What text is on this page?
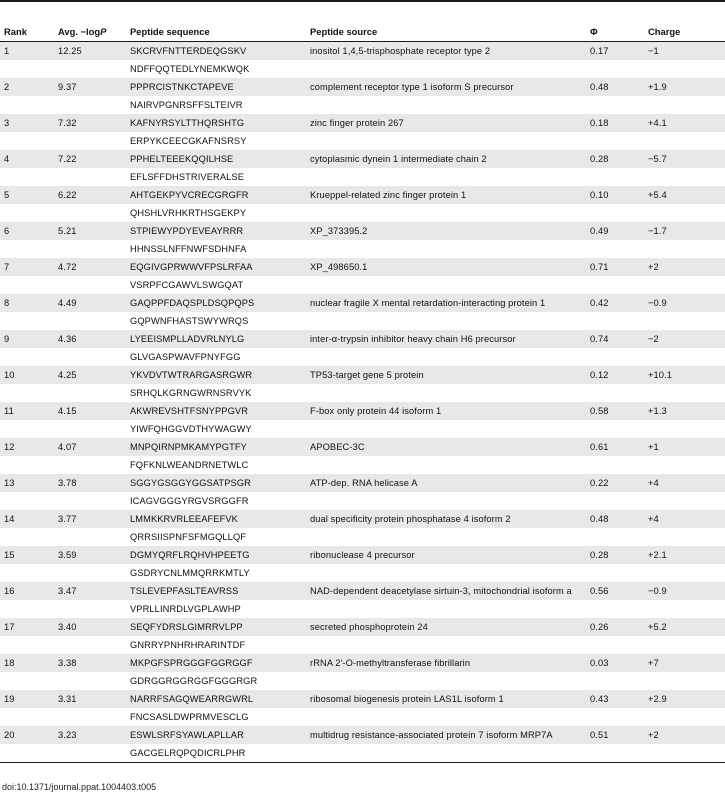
Rank	Avg. −logP	Peptide sequence	Peptide source	Φ	Charge
1	12.25	SKCRVFNTTERDEQGSKV	inositol 1,4,5-trisphosphate receptor type 2	0.17	−1
		NDFFQQTEDLYNEMKWQK			
2	9.37	PPPRCISTNKCTAPEVE	complement receptor type 1 isoform S precursor	0.48	+1.9
		NAIRVPGNRSFFSLTEIVR			
3	7.32	KAFNYRSYLTTHQRSHTG	zinc finger protein 267	0.18	+4.1
		ERPYKCEECGKAFNSRSY			
4	7.22	PPHELTEEEKQQILHSE	cytoplasmic dynein 1 intermediate chain 2	0.28	−5.7
		EFLSFFDHSTRIVERALSE			
5	6.22	AHTGEKPYVCRECGRGFR	Krueppel-related zinc finger protein 1	0.10	+5.4
		QHSHLVRHKRTHSGEKPY			
6	5.21	STPIEWYPDYEVEAYRRR	XP_373395.2	0.49	−1.7
		HHNSSLNFFNWFSDHNFA			
7	4.72	EQGIVGPRWWVFPSLRFAA	XP_498650.1	0.71	+2
		VSRPFCGAWVLSWGQAT			
8	4.49	GAQPPFDAQSPLDSQPQPS	nuclear fragile X mental retardation-interacting protein 1	0.42	−0.9
		GQPWNFHASTSWYWRQS			
9	4.36	LYEEISMPLLADVRLNYLG	inter-α-trypsin inhibitor heavy chain H6 precursor	0.74	−2
		GLVGASPWAVFPNYFGG			
10	4.25	YKVDVTWTRARGASRGWR	TP53-target gene 5 protein	0.12	+10.1
		SRHQLKGRNGWRNSRVYK			
11	4.15	AKWREVSHTFSNYPPGVR	F-box only protein 44 isoform 1	0.58	+1.3
		YIWFQHGGVDTHYWAGWY			
12	4.07	MNPQIRNPMKAMYPGTFY	APOBEC-3C	0.61	+1
		FQFKNLWEANDRNETWLC			
13	3.78	SGGYGSGGYGGSATPSGR	ATP-dep. RNA helicase A	0.22	+4
		ICAGVGGGYRGVSRGGFR			
14	3.77	LMMKKRVRLEEAFEFVK	dual specificity protein phosphatase 4 isoform 2	0.48	+4
		QRRSIISPNFSFMGQLLQF			
15	3.59	DGMYQRFLRQHVHPEETG	ribonuclease 4 precursor	0.28	+2.1
		GSDRYCNLMMQRRKMTLY			
16	3.47	TSLEVEPFASLTEAVRSS	NAD-dependent deacetylase sirtuin-3, mitochondrial isoform a	0.56	−0.9
		VPRLLINRDLVGPLAWHP			
17	3.40	SEQFYDRSLGIMRRVLPP	secreted phosphoprotein 24	0.26	+5.2
		GNRRYPNHRHRARINTDF			
18	3.38	MKPGFSPRGGGFGGRGGF	rRNA 2′-O-methyltransferase fibrillarin	0.03	+7
		GDRGGRGGRGGFGGGRGR			
19	3.31	NARRFSAGQWEARRGWRL	ribosomal biogenesis protein LAS1L isoform 1	0.43	+2.9
		FNCSASLDWPRMVESCLG			
20	3.23	ESWLSRFSYAWLAPLLAR	multidrug resistance-associated protein 7 isoform MRP7A	0.51	+2
		GACGELRQPQDICRLPHR			
doi:10.1371/journal.ppat.1004403.t005
